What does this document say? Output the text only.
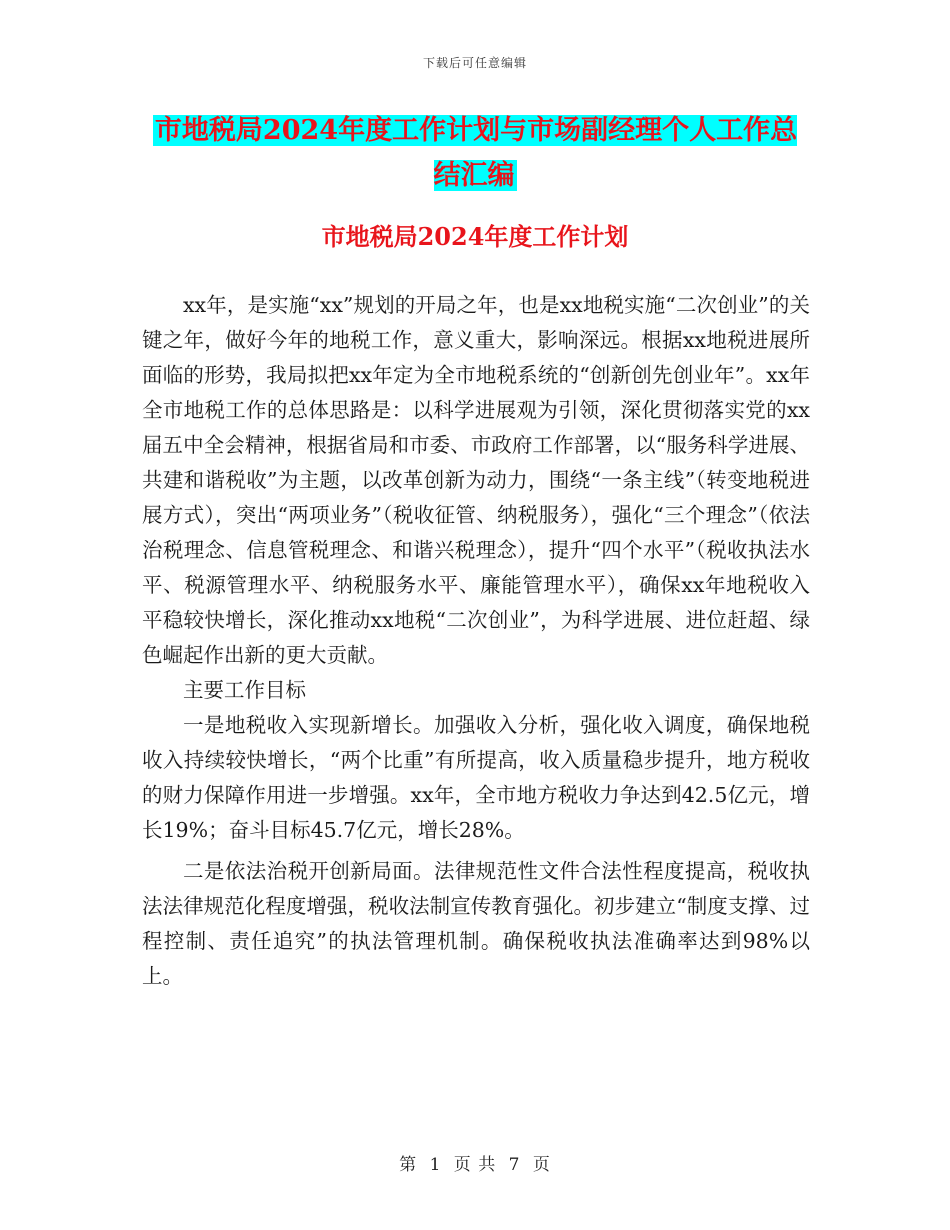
下载后可任意编辑
市地税局2024年度工作计划与市场副经理个人工作总结汇编
市地税局2024年度工作计划

xx年，是实施“xx”规划的开局之年，也是xx地税实施“二次创业”的关键之年，做好今年的地税工作，意义重大，影响深远。根据xx地税进展所面临的形势，我局拟把xx年定为全市地税系统的“创新创先创业年”。xx年全市地税工作的总体思路是：以科学进展观为引领，深化贯彻落实党的xx届五中全会精神，根据省局和市委、市政府工作部署，以“服务科学进展、共建和谐税收”为主题，以改革创新为动力，围绕“一条主线”（转变地税进展方式），突出“两项业务”（税收征管、纳税服务），强化“三个理念”（依法治税理念、信息管税理念、和谐兴税理念），提升“四个水平”（税收执法水平、税源管理水平、纳税服务水平、廉能管理水平），确保xx年地税收入平稳较快增长，深化推动xx地税“二次创业”，为科学进展、进位赶超、绿色崛起作出新的更大贡献。

主要工作目标

一是地税收入实现新增长。加强收入分析，强化收入调度，确保地税收入持续较快增长，“两个比重”有所提高，收入质量稳步提升，地方税收的财力保障作用进一步增强。xx年，全市地方税收力争达到42.5亿元，增长19%；奋斗目标45.7亿元，增长28%。

二是依法治税开创新局面。法律规范性文件合法性程度提高，税收执法法律规范化程度增强，税收法制宣传教育强化。初步建立“制度支撑、过程控制、责任追究”的执法管理机制。确保税收执法准确率达到98%以上。

第 1 页 共 7 页
